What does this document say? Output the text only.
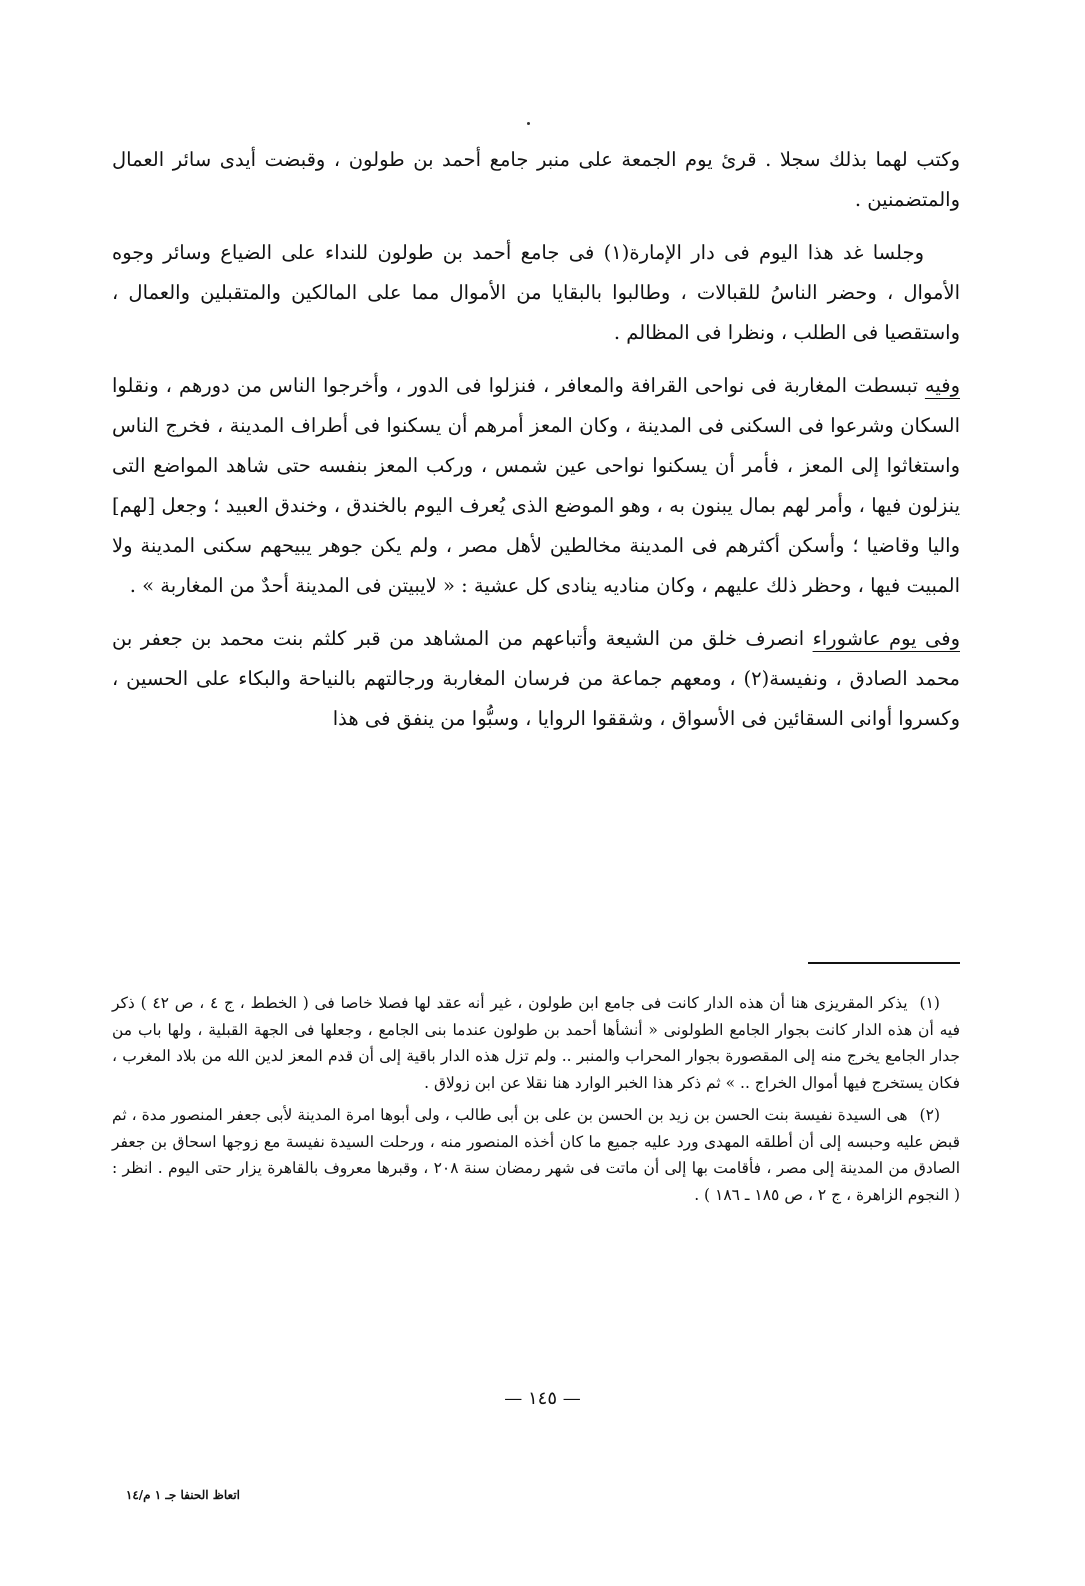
وكتب لهما بذلك سجلا . قرئ يوم الجمعة على منبر جامع أحمد بن طولون ، وقبضت أيدى سائر العمال والمتضمنين .

وجلسا غد هذا اليوم فى دار الإمارة(١) فى جامع أحمد بن طولون للنداء على الضياع وسائر وجوه الأموال ، وحضر الناسُ للقبالات ، وطالبوا بالبقايا من الأموال مما على المالكين والمتقبلين والعمال ، واستقصيا فى الطلب ، ونظرا فى المظالم .

وفيه تبسطت المغاربة فى نواحى القرافة والمعافر ، فنزلوا فى الدور ، وأخرجوا الناس من دورهم ، ونقلوا السكان وشرعوا فى السكنى فى المدينة ، وكان المعز أمرهم أن يسكنوا فى أطراف المدينة ، فخرج الناس واستغاثوا إلى المعز ، فأمر أن يسكنوا نواحى عين شمس ، وركب المعز بنفسه حتى شاهد المواضع التى ينزلون فيها ، وأمر لهم بمال يبنون به ، وهو الموضع الذى يُعرف اليوم بالخندق ، وخندق العبيد ؛ وجعل [لهم] واليا وقاضيا ؛ وأسكن أكثرهم فى المدينة مخالطين لأهل مصر ، ولم يكن جوهر يبيحهم سكنى المدينة ولا المبيت فيها ، وحظر ذلك عليهم ، وكان مناديه ينادى كل عشية : « لايبيتن فى المدينة أحدٌ من المغاربة » .

وفى يوم عاشوراء انصرف خلق من الشيعة وأتباعهم من المشاهد من قبر كلثم بنت محمد بن جعفر بن محمد الصادق ، ونفيسة(٢) ، ومعهم جماعة من فرسان المغاربة ورجالتهم بالنياحة والبكاء على الحسين ، وكسروا أوانى السقائين فى الأسواق ، وشققوا الروايا ، وسبُّوا من ينفق فى هذا

(١)يذكر المقريزى هنا أن هذه الدار كانت فى جامع ابن طولون ، غير أنه عقد لها فصلا خاصا فى ( الخطط ، ج ٤ ، ص ٤٢ ) ذكر فيه أن هذه الدار كانت بجوار الجامع الطولونى « أنشأها أحمد بن طولون عندما بنى الجامع ، وجعلها فى الجهة القبلية ، ولها باب من جدار الجامع يخرج منه إلى المقصورة بجوار المحراب والمنبر .. ولم تزل هذه الدار باقية إلى أن قدم المعز لدين الله من بلاد المغرب ، فكان يستخرج فيها أموال الخراج .. » ثم ذكر هذا الخبر الوارد هنا نقلا عن ابن زولاق .

(٢)هى السيدة نفيسة بنت الحسن بن زيد بن الحسن بن على بن أبى طالب ، ولى أبوها امرة المدينة لأبى جعفر المنصور مدة ، ثم قبض عليه وحبسه إلى أن أطلقه المهدى ورد عليه جميع ما كان أخذه المنصور منه ، ورحلت السيدة نفيسة مع زوجها اسحاق بن جعفر الصادق من المدينة إلى مصر ، فأقامت بها إلى أن ماتت فى شهر رمضان سنة ٢٠٨ ، وقبرها معروف بالقاهرة يزار حتى اليوم . انظر : ( النجوم الزاهرة ، ج ٢ ، ص ١٨٥ ـ ١٨٦ ) .

— ١٤٥ —
اتعاظ الحنفا جـ ١ م/١٤
